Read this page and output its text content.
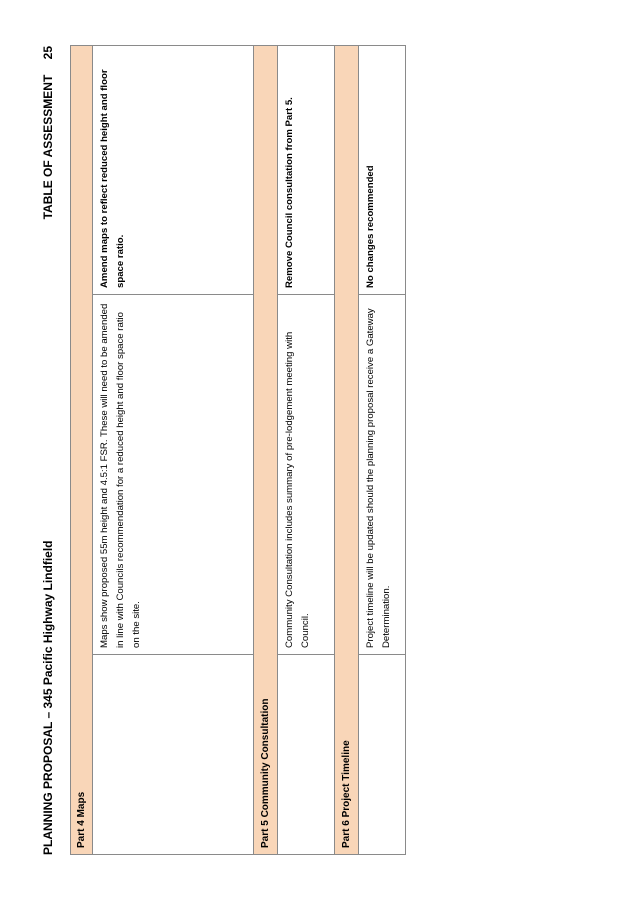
PLANNING PROPOSAL – 345 Pacific Highway Lindfield
TABLE OF ASSESSMENT 25
Part 4 Maps

Maps show proposed 55m height and 4.5:1 FSR. These will need to be amended in line with Councils recommendation for a reduced height and floor space ratio on the site.

Amend maps to reflect reduced height and floor space ratio.

Part 5 Community Consultation

Community Consultation includes summary of pre-lodgement meeting with Council.

Remove Council consultation from Part 5.

Part 6 Project Timeline

Project timeline will be updated should the planning proposal receive a Gateway Determination.

No changes recommended
